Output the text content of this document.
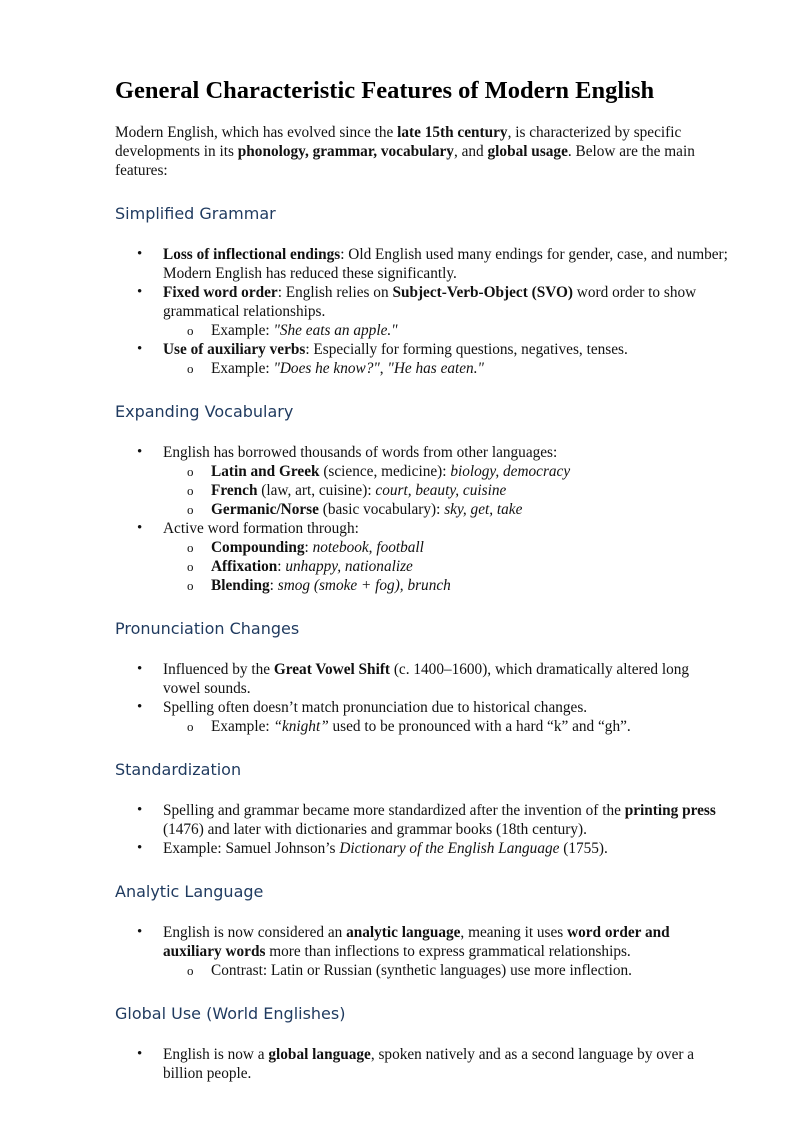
General Characteristic Features of Modern English

Modern English, which has evolved since the late 15th century, is characterized by specific developments in its phonology, grammar, vocabulary, and global usage. Below are the main features:

Simplified Grammar
• Loss of inflectional endings: Old English used many endings for gender, case, and number; Modern English has reduced these significantly.
• Fixed word order: English relies on Subject-Verb-Object (SVO) word order to show grammatical relationships.
o Example: "She eats an apple."
• Use of auxiliary verbs: Especially for forming questions, negatives, tenses.
o Example: "Does he know?", "He has eaten."
Expanding Vocabulary
• English has borrowed thousands of words from other languages:
o Latin and Greek (science, medicine): biology, democracy
o French (law, art, cuisine): court, beauty, cuisine
o Germanic/Norse (basic vocabulary): sky, get, take
• Active word formation through:
o Compounding: notebook, football
o Affixation: unhappy, nationalize
o Blending: smog (smoke + fog), brunch
Pronunciation Changes
• Influenced by the Great Vowel Shift (c. 1400–1600), which dramatically altered long vowel sounds.
• Spelling often doesn’t match pronunciation due to historical changes.
o Example: “knight” used to be pronounced with a hard “k” and “gh”.
Standardization
• Spelling and grammar became more standardized after the invention of the printing press (1476) and later with dictionaries and grammar books (18th century).
• Example: Samuel Johnson’s Dictionary of the English Language (1755).
Analytic Language
• English is now considered an analytic language, meaning it uses word order and auxiliary words more than inflections to express grammatical relationships.
o Contrast: Latin or Russian (synthetic languages) use more inflection.
Global Use (World Englishes)
• English is now a global language, spoken natively and as a second language by over a billion people.
